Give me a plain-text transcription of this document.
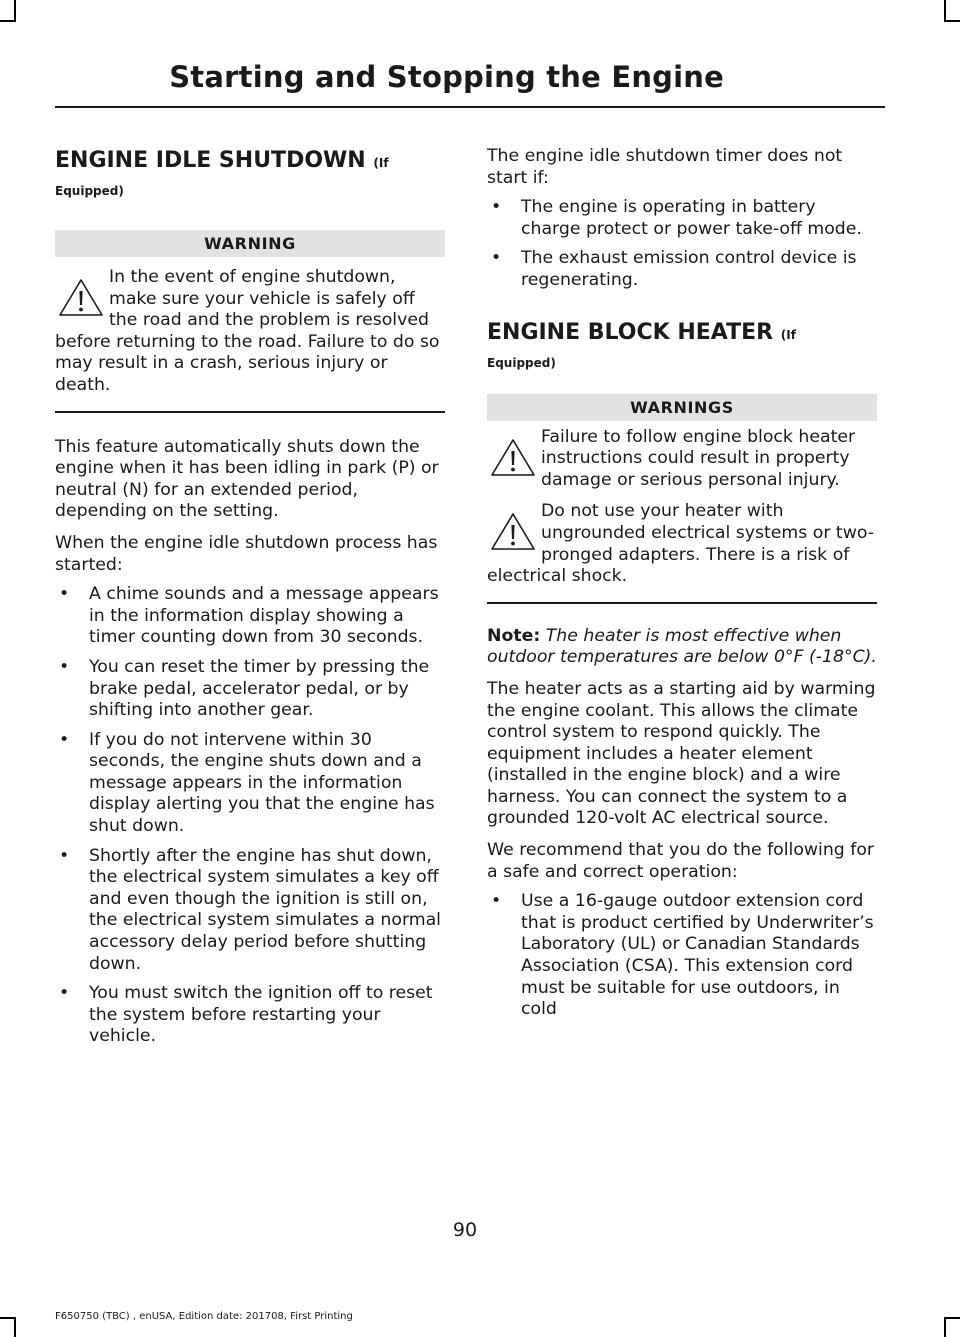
Starting and Stopping the Engine
ENGINE IDLE SHUTDOWN (If
Equipped)
WARNING

In the event of engine shutdown, make sure your vehicle is safely off the road and the problem is resolved before returning to the road. Failure to do so may result in a crash, serious injury or death.

This feature automatically shuts down the engine when it has been idling in park (P) or neutral (N) for an extended period, depending on the setting.

When the engine idle shutdown process has started:

•	A chime sounds and a message appears in the information display showing a timer counting down from 30 seconds.
•	You can reset the timer by pressing the brake pedal, accelerator pedal, or by shifting into another gear.
•	If you do not intervene within 30 seconds, the engine shuts down and a message appears in the information display alerting you that the engine has shut down.
•	Shortly after the engine has shut down, the electrical system simulates a key off and even though the ignition is still on, the electrical system simulates a normal accessory delay period before shutting down.
•	You must switch the ignition off to reset the system before restarting your vehicle.

The engine idle shutdown timer does not start if:

•	The engine is operating in battery charge protect or power take-off mode.
•	The exhaust emission control device is regenerating.
ENGINE BLOCK HEATER (If
Equipped)
WARNINGS

Failure to follow engine block heater instructions could result in property damage or serious personal injury.

Do not use your heater with ungrounded electrical systems or two-pronged adapters. There is a risk of electrical shock.

Note: The heater is most effective when outdoor temperatures are below 0°F (-18°C).

The heater acts as a starting aid by warming the engine coolant. This allows the climate control system to respond quickly. The equipment includes a heater element (installed in the engine block) and a wire harness. You can connect the system to a grounded 120-volt AC electrical source.

We recommend that you do the following for a safe and correct operation:

•	Use a 16-gauge outdoor extension cord that is product certified by Underwriter’s Laboratory (UL) or Canadian Standards Association (CSA). This extension cord must be suitable for use outdoors, in cold
90
F650750 (TBC) , enUSA, Edition date: 201708, First Printing
